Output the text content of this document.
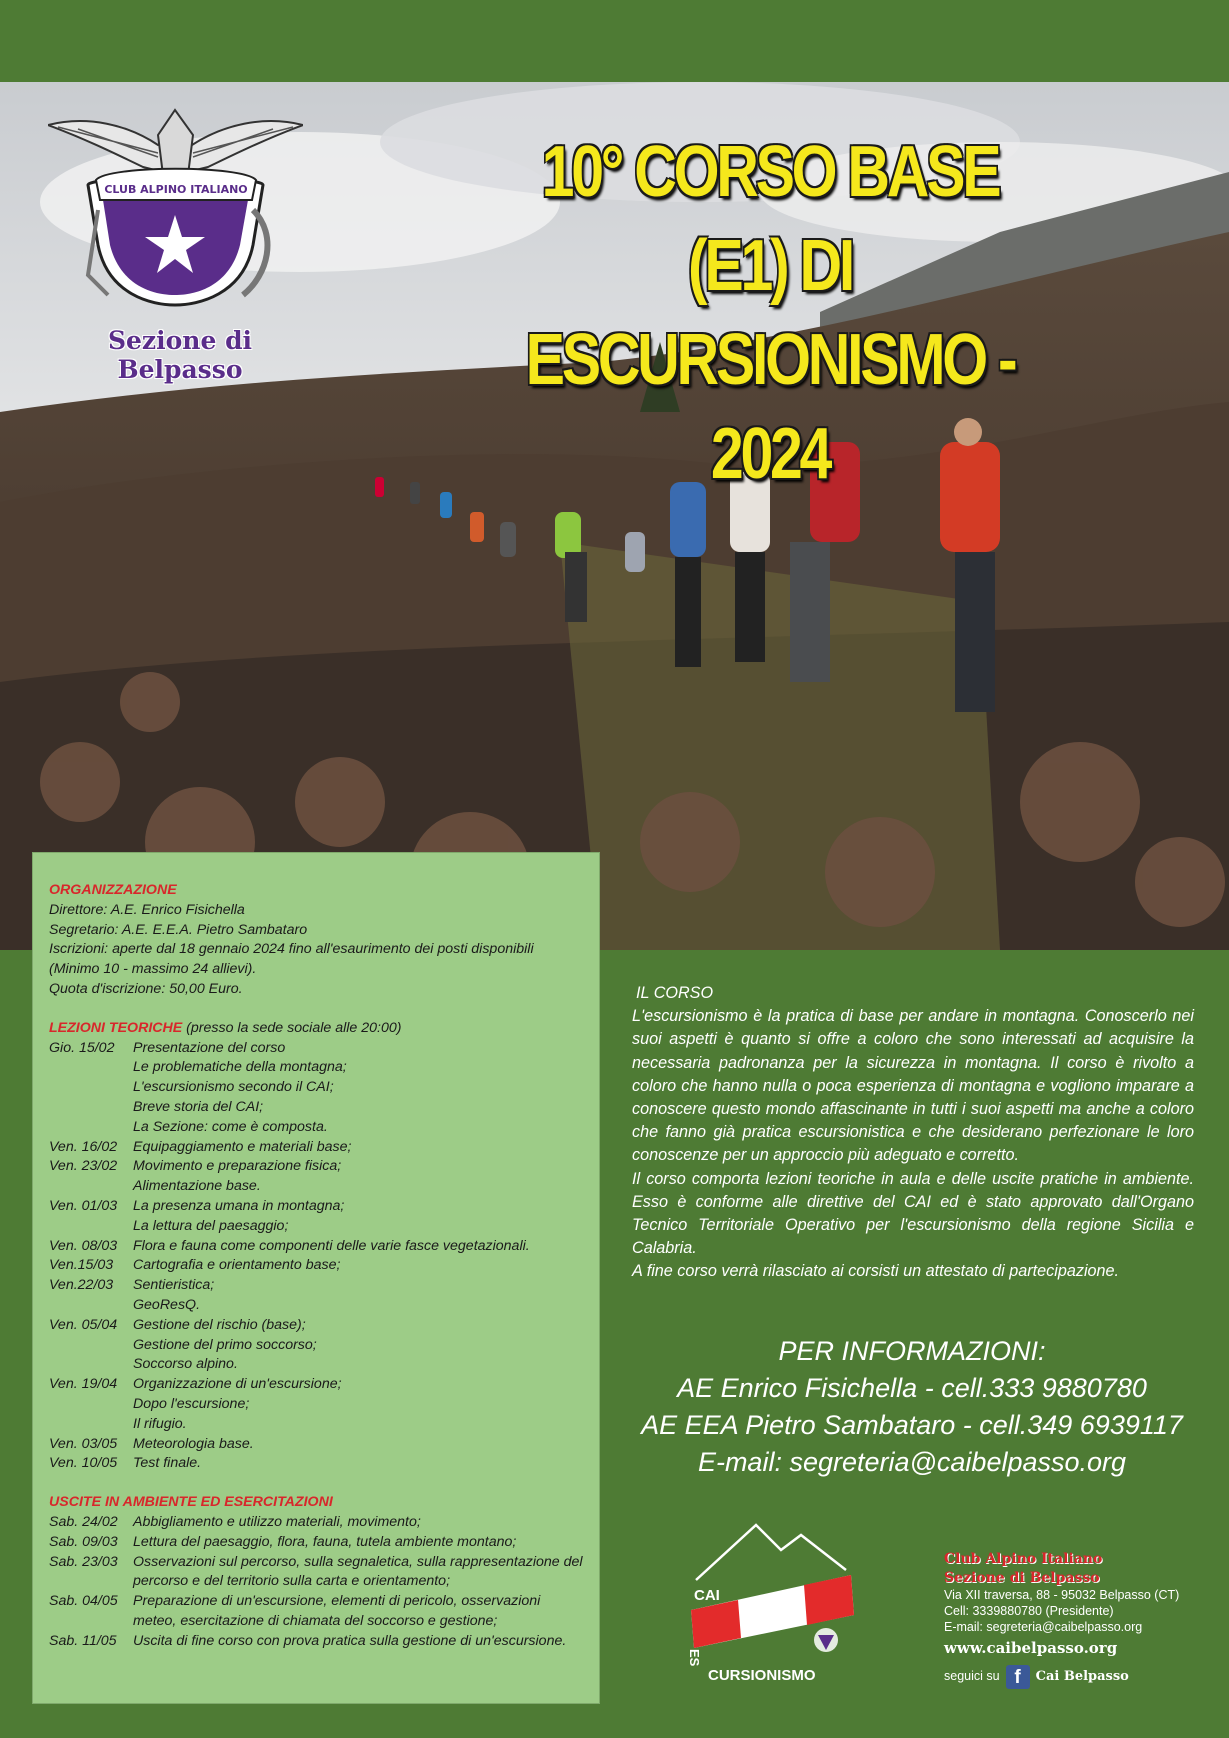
CLUB ALPINO ITALIANO
Sezione di Belpasso
10° CORSO BASE (E1) DI
ESCURSIONISMO - 2024
ORGANIZZAZIONE
Direttore: A.E. Enrico Fisichella
Segretario: A.E. E.E.A. Pietro Sambataro
Iscrizioni: aperte dal 18 gennaio 2024 fino all'esaurimento dei posti disponibili
(Minimo 10 - massimo 24 allievi).
Quota d'iscrizione: 50,00 Euro.
LEZIONI TEORICHE (presso la sede sociale alle 20:00)
Gio. 15/02	Presentazione del corso
Le problematiche della montagna;
L'escursionismo secondo il CAI;
Breve storia del CAI;
La Sezione: come è composta.
Ven. 16/02	Equipaggiamento e materiali base;
Ven. 23/02	Movimento e preparazione fisica;
Alimentazione base.
Ven. 01/03	La presenza umana in montagna;
La lettura del paesaggio;
Ven. 08/03	Flora e fauna come componenti delle varie fasce vegetazionali.
Ven.15/03	Cartografia e orientamento base;
Ven.22/03	Sentieristica;
GeoResQ.
Ven. 05/04	Gestione del rischio (base);
Gestione del primo soccorso;
Soccorso alpino.
Ven. 19/04	Organizzazione di un'escursione;
Dopo l'escursione;
Il rifugio.
Ven. 03/05	Meteorologia base.
Ven. 10/05	Test finale.
USCITE IN AMBIENTE ED ESERCITAZIONI
Sab. 24/02	Abbigliamento e utilizzo materiali, movimento;
Sab. 09/03	Lettura del paesaggio, flora, fauna, tutela ambiente montano;
Sab. 23/03	Osservazioni sul percorso, sulla segnaletica, sulla rappresentazione del percorso e del territorio sulla carta e orientamento;
Sab. 04/05	Preparazione di un'escursione, elementi di pericolo, osservazioni meteo, esercitazione di chiamata del soccorso e gestione;
Sab. 11/05	Uscita di fine corso con prova pratica sulla gestione di un'escursione.
IL CORSO

L'escursionismo è la pratica di base per andare in montagna. Conoscerlo nei suoi aspetti è quanto si offre a coloro che sono interessati ad acquisire la necessaria padronanza per la sicurezza in montagna. Il corso è rivolto a coloro che hanno nulla o poca esperienza di montagna e vogliono imparare a conoscere questo mondo affascinante in tutti i suoi aspetti ma anche a coloro che fanno già pratica escursionistica e che desiderano perfezionare le loro conoscenze per un approccio più adeguato e corretto.

Il corso comporta lezioni teoriche in aula e delle uscite pratiche in ambiente. Esso è conforme alle direttive del CAI ed è stato approvato dall'Organo Tecnico Territoriale Operativo per l'escursionismo della regione Sicilia e Calabria.

A fine corso verrà rilasciato ai corsisti un attestato di partecipazione.

PER INFORMAZIONI:
AE Enrico Fisichella - cell.333 9880780
AE EEA Pietro Sambataro - cell.349 6939117
E-mail: segreteria@caibelpasso.org
CAI
ES
CURSIONISMO
Club Alpino Italiano
Sezione di Belpasso
Via XII traversa, 88 - 95032 Belpasso (CT)
Cell: 3339880780 (Presidente)
E-mail: segreteria@caibelpasso.org
www.caibelpasso.org
seguici su f	Cai Belpasso
